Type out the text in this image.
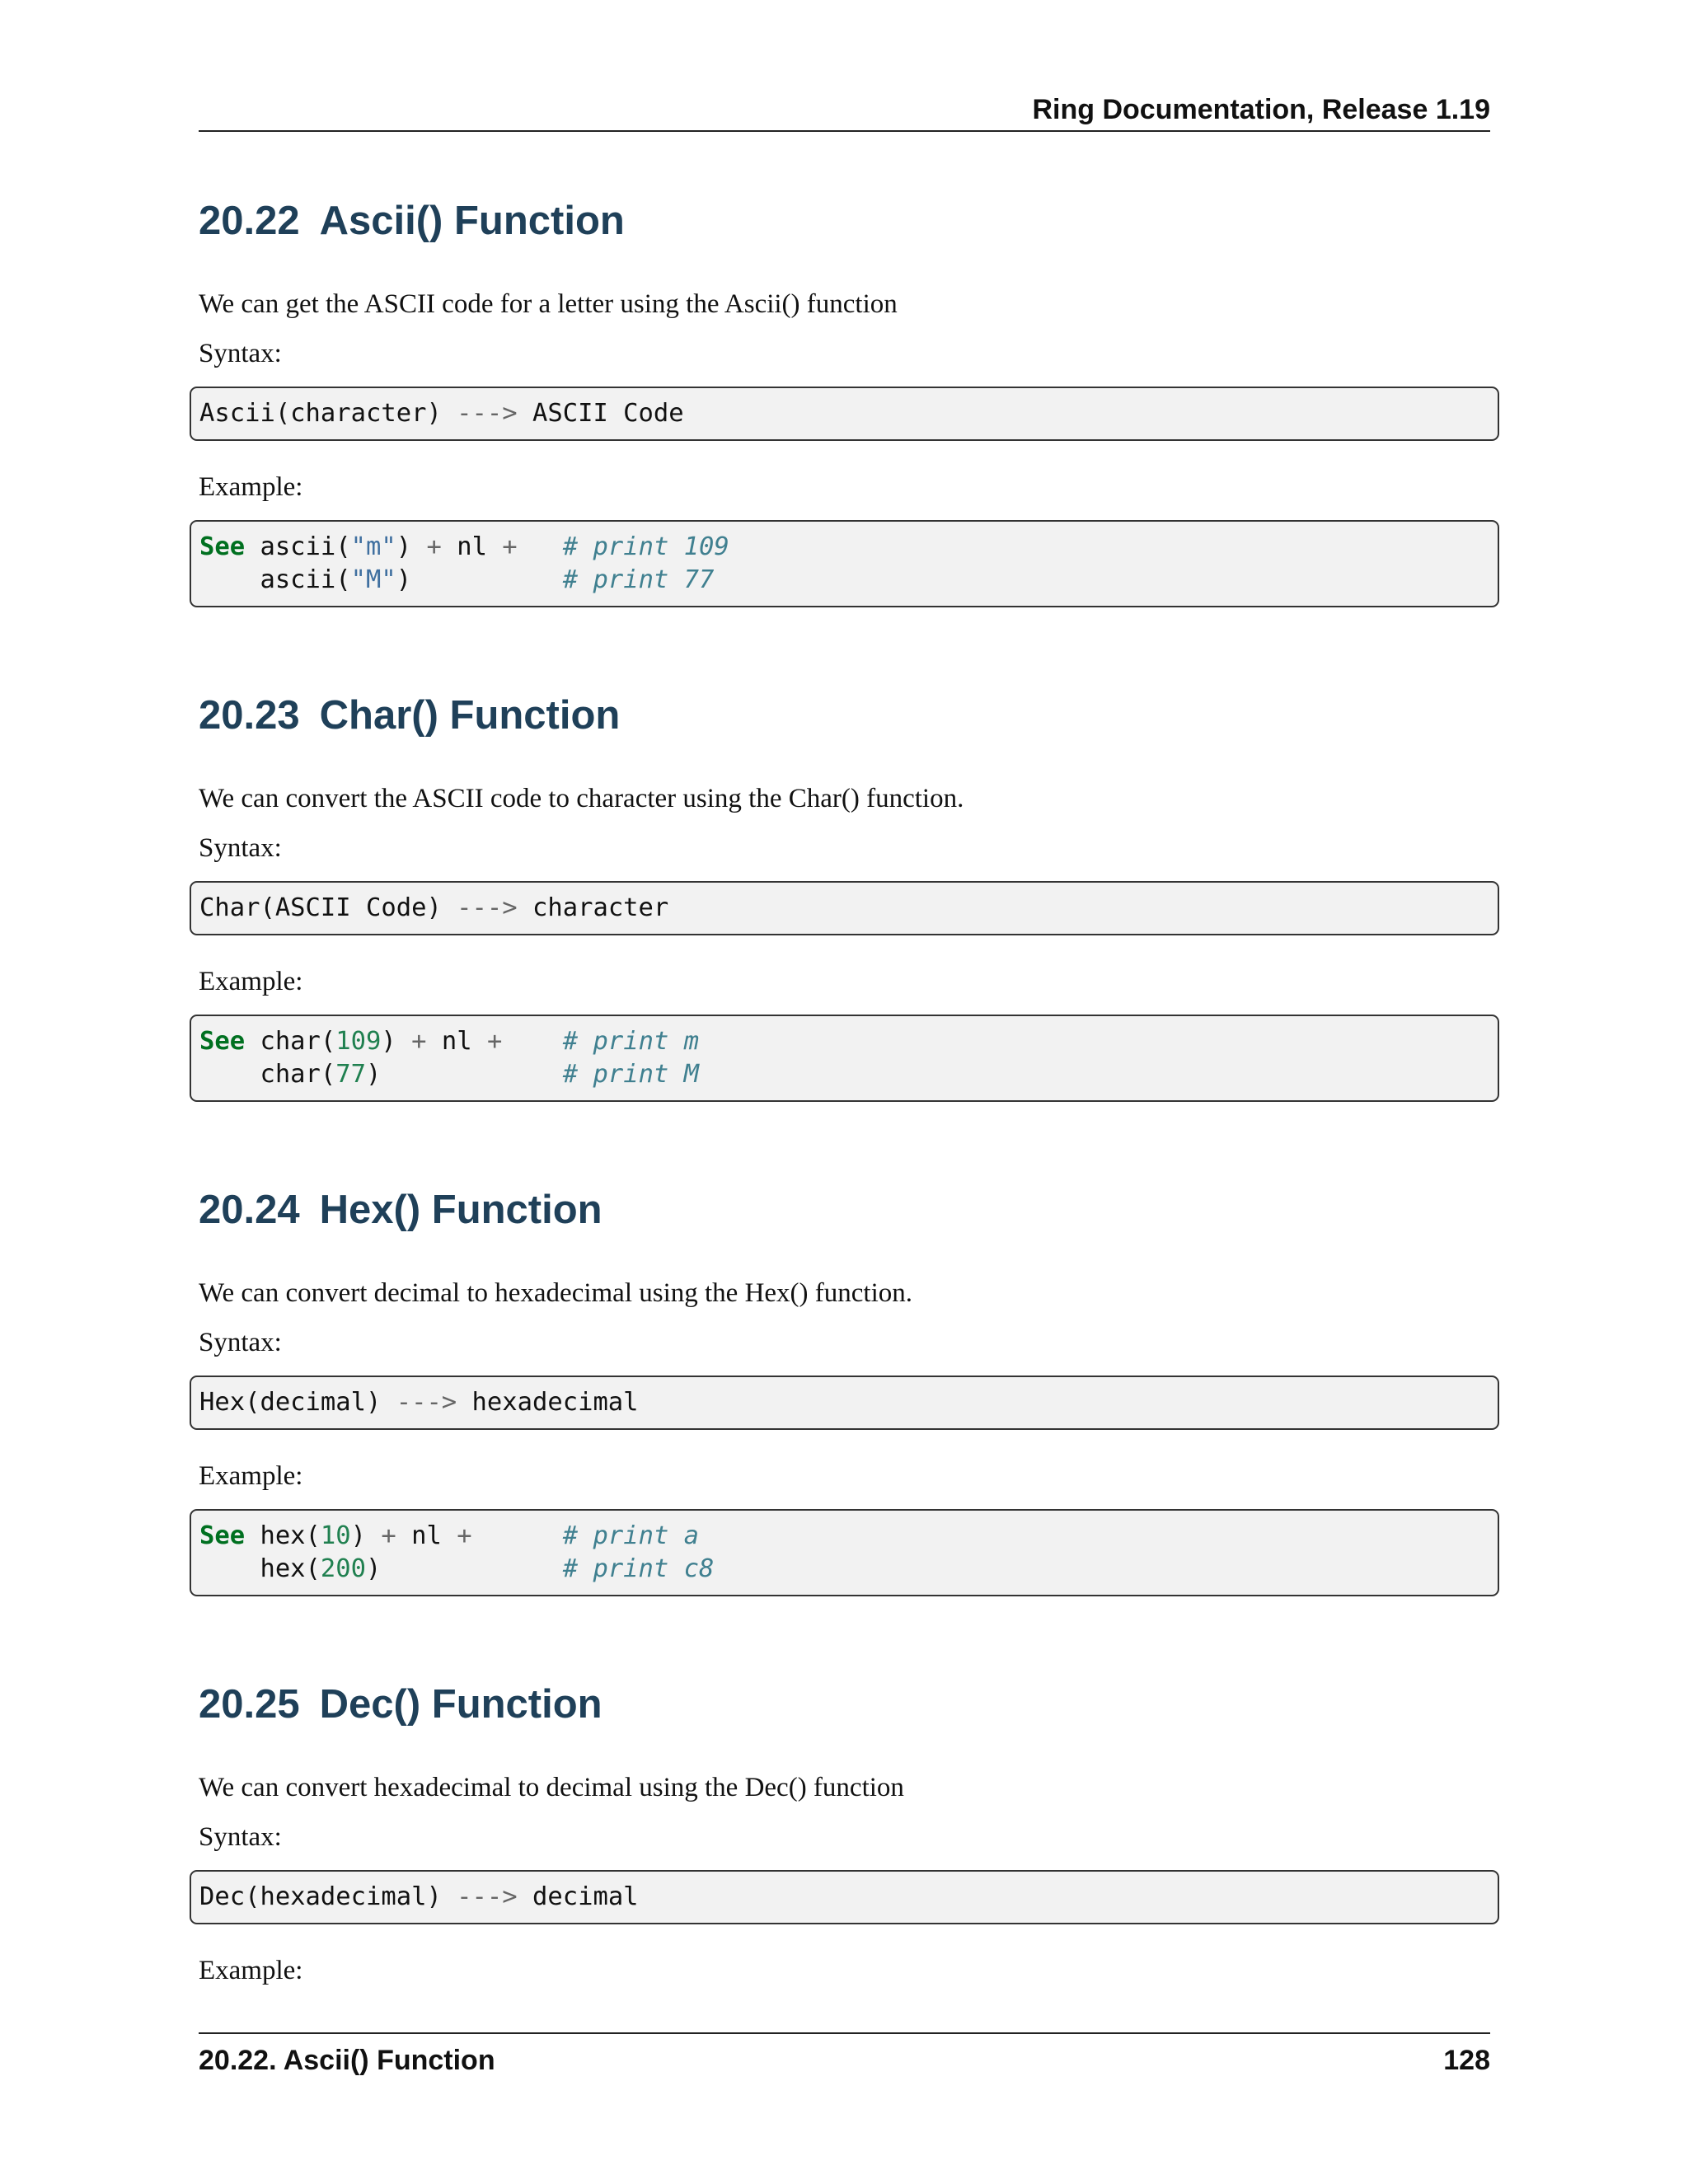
Ring Documentation, Release 1.19
20.22 Ascii() Function

We can get the ASCII code for a letter using the Ascii() function

Syntax:

Ascii(character) ---> ASCII Code

Example:

See ascii("m") + nl + # print 109
ascii("M")	# print 77
20.23 Char() Function

We can convert the ASCII code to character using the Char() function.

Syntax:

Char(ASCII Code) ---> character

Example:

See char(109) + nl + # print m
char(77)	# print M
20.24 Hex() Function

We can convert decimal to hexadecimal using the Hex() function.

Syntax:

Hex(decimal) ---> hexadecimal

Example:

See hex(10) + nl +	# print a
hex(200)	# print c8
20.25 Dec() Function

We can convert hexadecimal to decimal using the Dec() function

Syntax:

Dec(hexadecimal) ---> decimal

Example:

20.22. Ascii() Function	128
